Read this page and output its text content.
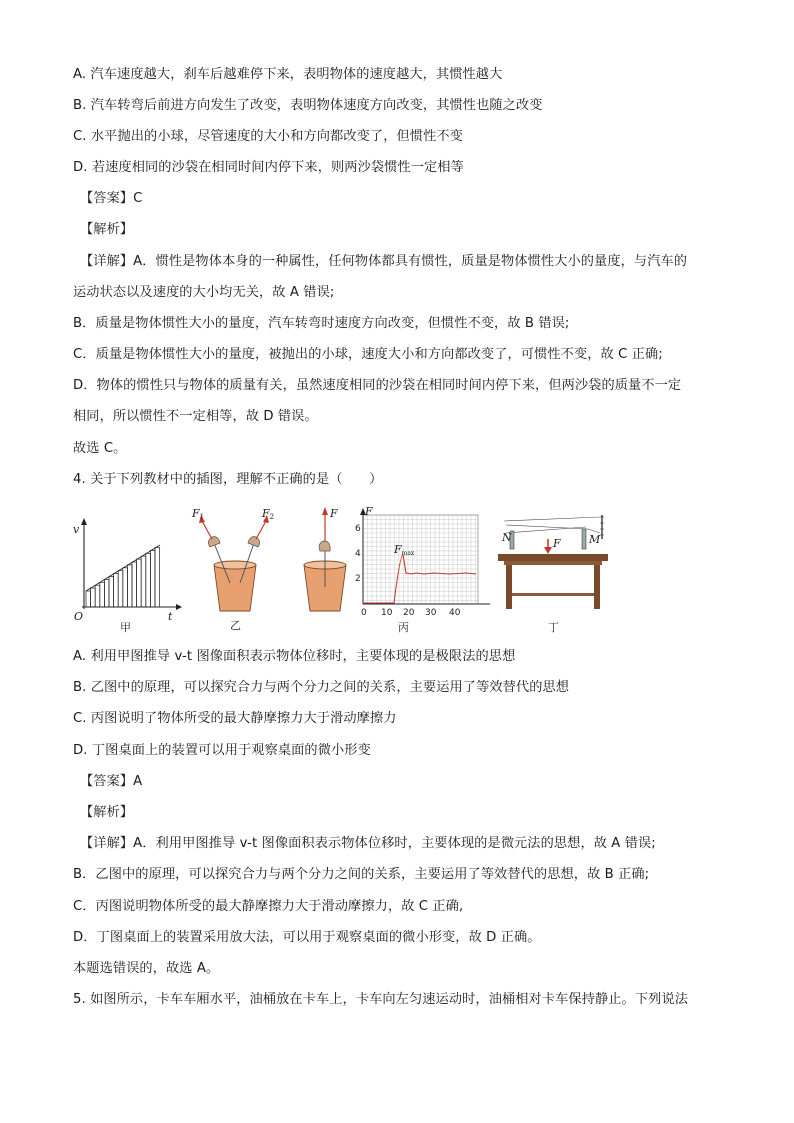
A. 汽车速度越大，刹车后越难停下来，表明物体的速度越大，其惯性越大
B. 汽车转弯后前进方向发生了改变，表明物体速度方向改变，其惯性也随之改变
C. 水平抛出的小球，尽管速度的大小和方向都改变了，但惯性不变
D. 若速度相同的沙袋在相同时间内停下来，则两沙袋惯性一定相等
【答案】C
【解析】
【详解】A．惯性是物体本身的一种属性，任何物体都具有惯性，质量是物体惯性大小的量度，与汽车的
运动状态以及速度的大小均无关，故 A 错误;
B．质量是物体惯性大小的量度，汽车转弯时速度方向改变，但惯性不变，故 B 错误;
C．质量是物体惯性大小的量度，被抛出的小球，速度大小和方向都改变了，可惯性不变，故 C 正确;
D．物体的惯性只与物体的质量有关，虽然速度相同的沙袋在相同时间内停下来，但两沙袋的质量不一定
相同，所以惯性不一定相等，故 D 错误。
故选 C。
4. 关于下列教材中的插图，理解不正确的是（　　）
v
t
O
甲
F1	F2
乙
F F
Fmax
6
4
2
0 10 20 30 40
丙
N	M
F
丁
A. 利用甲图推导 v-t 图像面积表示物体位移时，主要体现的是极限法的思想
B. 乙图中的原理，可以探究合力与两个分力之间的关系，主要运用了等效替代的思想
C. 丙图说明了物体所受的最大静摩擦力大于滑动摩擦力
D. 丁图桌面上的装置可以用于观察桌面的微小形变
【答案】A
【解析】
【详解】A．利用甲图推导 v-t 图像面积表示物体位移时，主要体现的是微元法的思想，故 A 错误;
B．乙图中的原理，可以探究合力与两个分力之间的关系，主要运用了等效替代的思想，故 B 正确;
C．丙图说明物体所受的最大静摩擦力大于滑动摩擦力，故 C 正确,
D．丁图桌面上的装置采用放大法，可以用于观察桌面的微小形变，故 D 正确。
本题选错误的，故选 A。
5. 如图所示，卡车车厢水平，油桶放在卡车上，卡车向左匀速运动时，油桶相对卡车保持静止。下列说法
